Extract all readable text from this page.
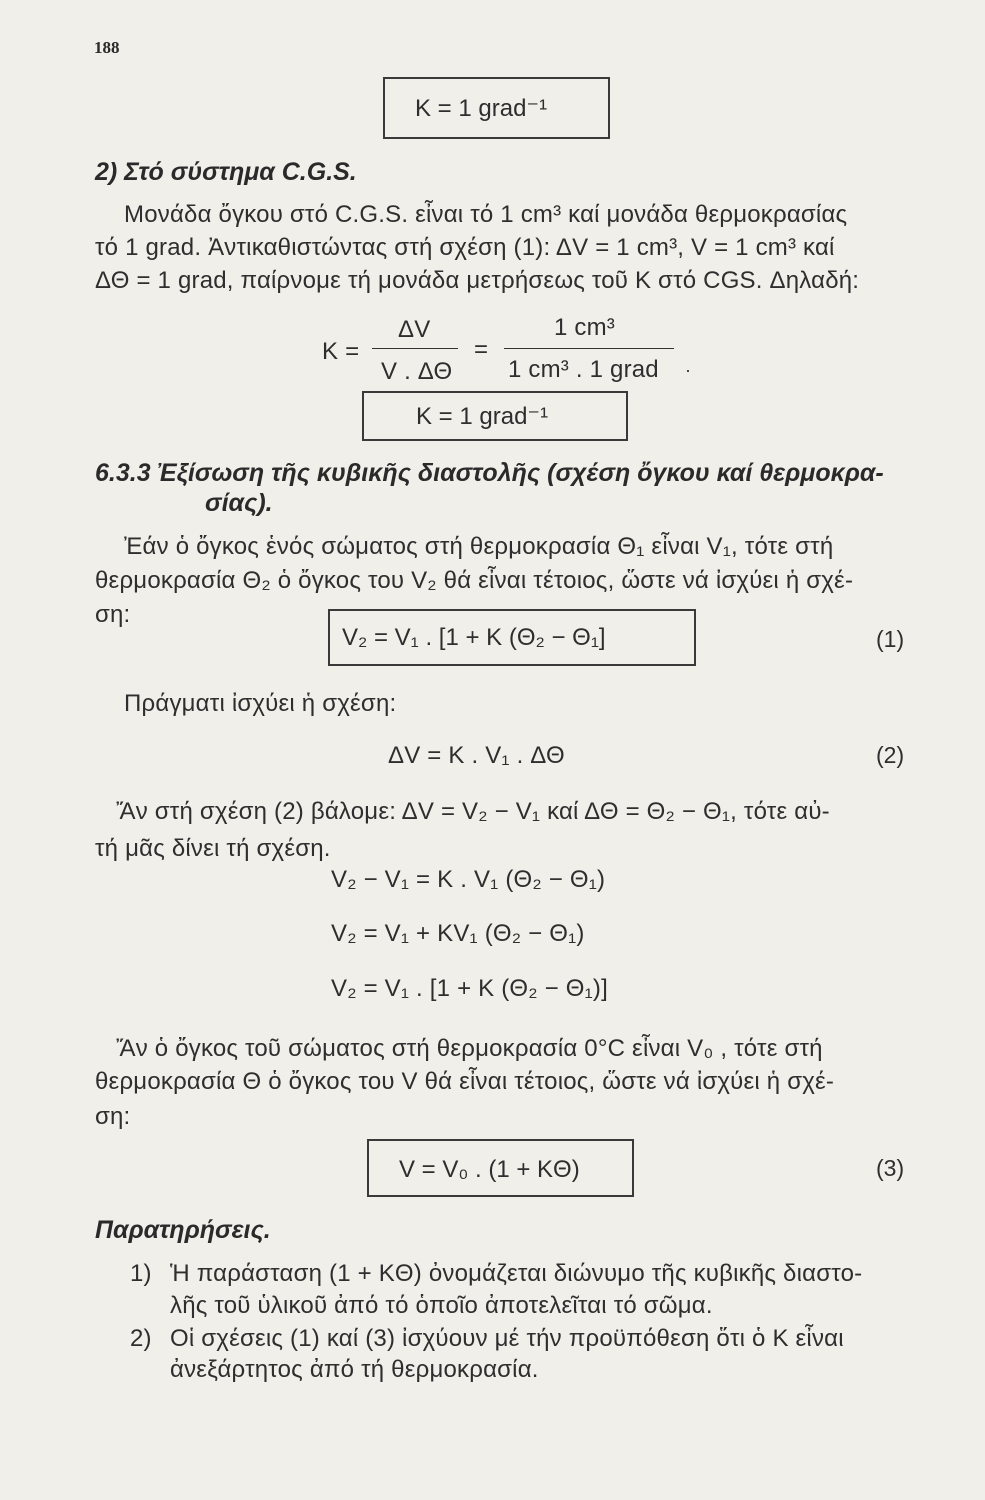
188
K = 1 grad⁻¹
2) Στό σύστημα C.G.S.
Μονάδα ὄγκου στό C.G.S. εἶναι τό 1 cm³ καί μονάδα θερμοκρασίας
τό 1 grad. Ἀντικαθιστώντας στή σχέση (1): ΔV = 1 cm³, V = 1 cm³ καί
ΔΘ = 1 grad, παίρνομε τή μονάδα μετρήσεως τοῦ Κ στό CGS. Δηλαδή:
K =
ΔV
V . ΔΘ
=
1 cm³
1 cm³ . 1 grad ·
K = 1 grad⁻¹
6.3.3 Ἐξίσωση τῆς κυβικῆς διαστολῆς (σχέση ὄγκου καί θερμοκρα-
σίας).
Ἐάν ὁ ὄγκος ἑνός σώματος στή θερμοκρασία Θ₁ εἶναι V₁, τότε στή
θερμοκρασία Θ₂ ὁ ὄγκος του V₂ θά εἶναι τέτοιος, ὥστε νά ἰσχύει ἡ σχέ-
ση:
V₂ = V₁ . [1 + K (Θ₂ − Θ₁]	(1)
Πράγματι ἰσχύει ἡ σχέση:
ΔV = K . V₁ . ΔΘ	(2)
Ἄν στή σχέση (2) βάλομε: ΔV = V₂ − V₁ καί ΔΘ = Θ₂ − Θ₁, τότε αὐ-
τή μᾶς δίνει τή σχέση.
V₂ − V₁ = K . V₁ (Θ₂ − Θ₁)
V₂ = V₁ + KV₁ (Θ₂ − Θ₁)
V₂ = V₁ . [1 + K (Θ₂ − Θ₁)]
Ἄν ὁ ὄγκος τοῦ σώματος στή θερμοκρασία 0°C εἶναι V₀ , τότε στή
θερμοκρασία Θ ὁ ὄγκος του V θά εἶναι τέτοιος, ὥστε νά ἰσχύει ἡ σχέ-
ση:
V = V₀ . (1 + KΘ)	(3)
Παρατηρήσεις.
1) Ἡ παράσταση (1 + KΘ) ὀνομάζεται διώνυμο τῆς κυβικῆς διαστο-
λῆς τοῦ ὑλικοῦ ἀπό τό ὁποῖο ἀποτελεῖται τό σῶμα.
2) Οἱ σχέσεις (1) καί (3) ἰσχύουν μέ τήν προϋπόθεση ὅτι ὁ Κ εἶναι
ἀνεξάρτητος ἀπό τή θερμοκρασία.
